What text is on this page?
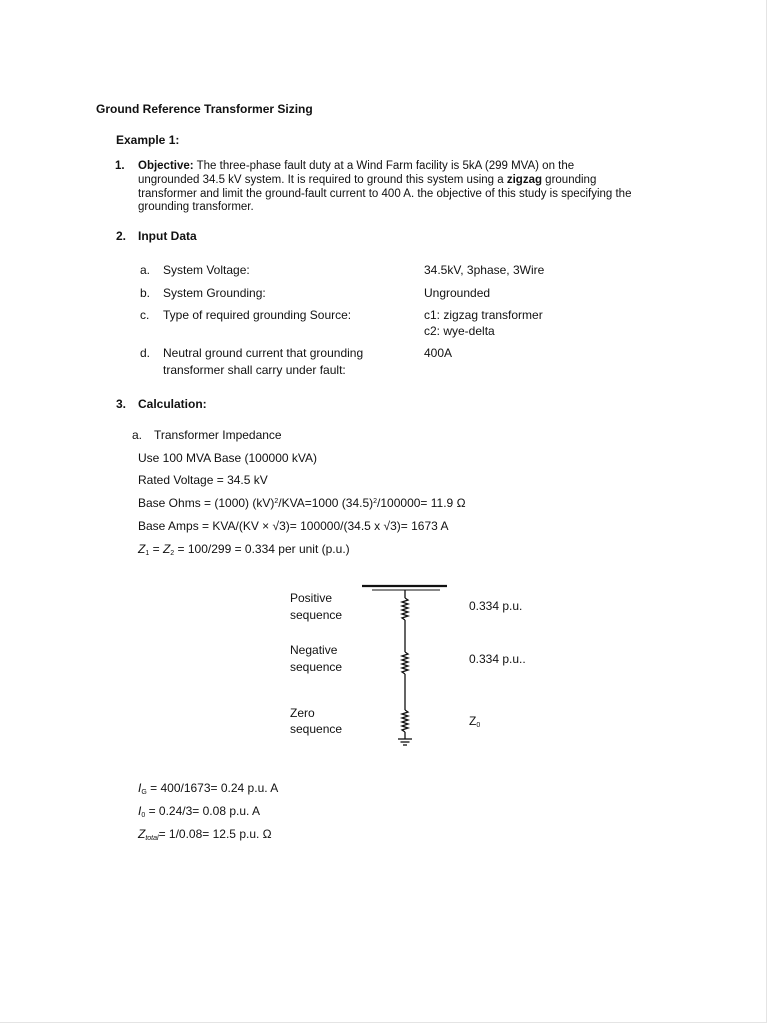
Ground Reference Transformer Sizing
Example 1:
1. Objective: The three-phase fault duty at a Wind Farm facility is 5kA (299 MVA) on the
ungrounded 34.5 kV system. It is required to ground this system using a zigzag grounding
transformer and limit the ground-fault current to 400 A. the objective of this study is specifying the
grounding transformer.
2. Input Data
a. System Voltage:	34.5kV, 3phase, 3Wire
b. System Grounding:	Ungrounded
c. Type of required grounding Source:	c1: zigzag transformer
c2: wye-delta
d. Neutral ground current that grounding
transformer shall carry under fault:
400A
3. Calculation:
a. Transformer Impedance
Use 100 MVA Base (100000 kVA)
Rated Voltage = 34.5 kV
Base Ohms = (1000) (kV)$^2$/KVA=1000 $(34.5)^2/100000= 11.9$ Ω
Base Amps = KVA/(KV × √3)= 100000/(34.5 x √3)= 1673 A
$Z_1 = Z_2 = 100/299 = 0.334$ per unit (p.u.)
Positive
sequence
0.334 p.u.
Negative
sequence
0.334 p.u..
Zero
sequence
$Z_0$
$I_G = 400/1673= 0.24$ p.u. A
$I_0 = 0.24/3= 0.08$ p.u. A
$Z_{total}= 1/0.08= 12.5$ p.u. Ω
